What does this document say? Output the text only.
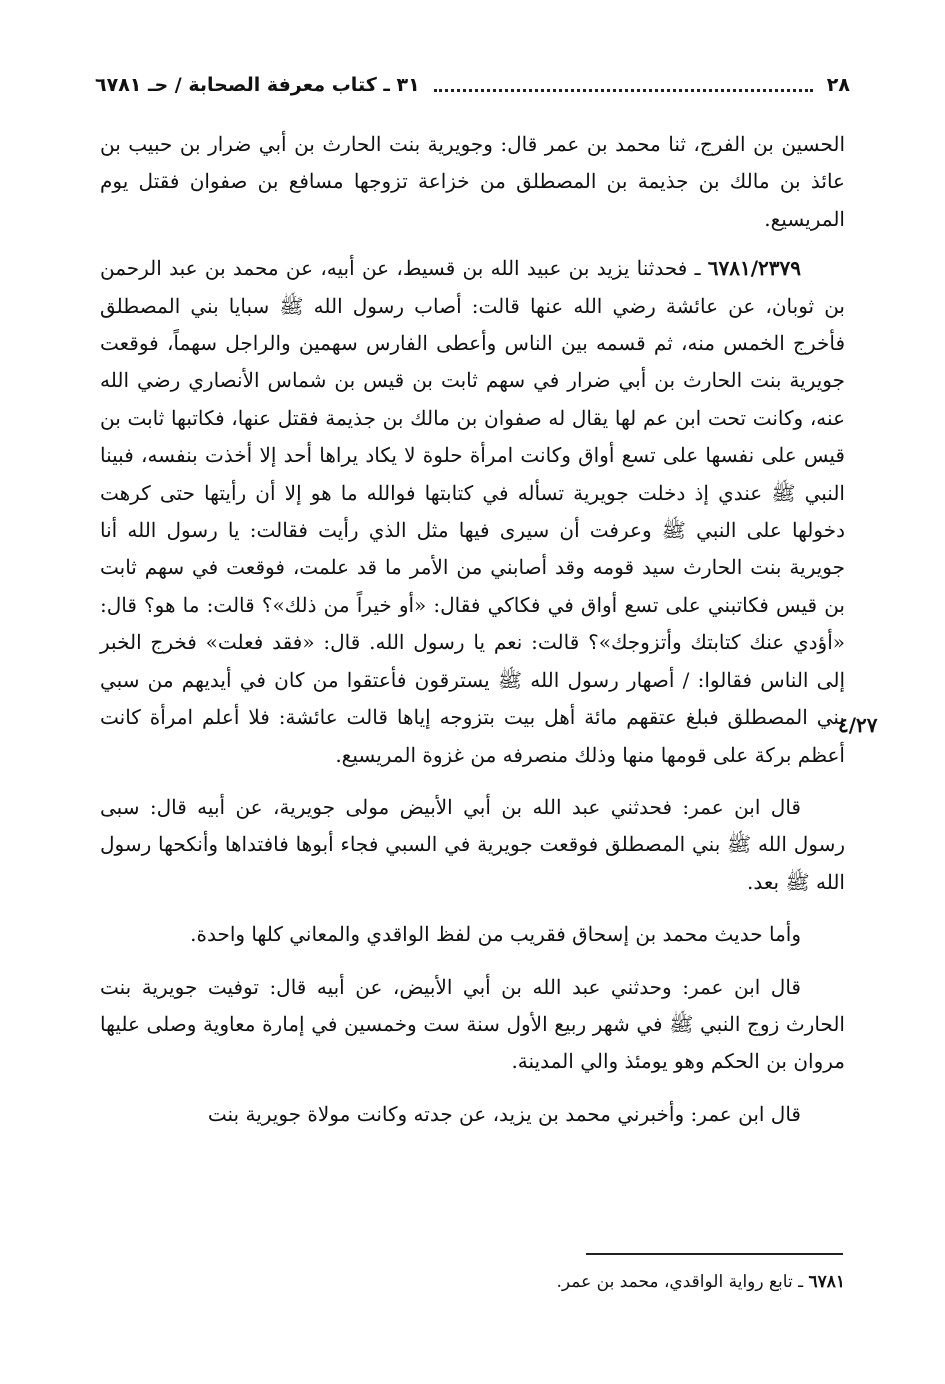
٢٨
٣١ ـ كتاب معرفة الصحابة / حـ ٦٧٨١
٤/٢٧

الحسين بن الفرج، ثنا محمد بن عمر قال: وجويرية بنت الحارث بن أبي ضرار بن حبيب بن عائذ بن مالك بن جذيمة بن المصطلق من خزاعة تزوجها مسافع بن صفوان فقتل يوم المريسيع.

٦٧٨١/٢٣٧٩ ـ فحدثنا يزيد بن عبيد الله بن قسيط، عن أبيه، عن محمد بن عبد الرحمن بن ثوبان، عن عائشة رضي الله عنها قالت: أصاب رسول الله ﷺ سبايا بني المصطلق فأخرج الخمس منه، ثم قسمه بين الناس وأعطى الفارس سهمين والراجل سهماً، فوقعت جويرية بنت الحارث بن أبي ضرار في سهم ثابت بن قيس بن شماس الأنصاري رضي الله عنه، وكانت تحت ابن عم لها يقال له صفوان بن مالك بن جذيمة فقتل عنها، فكاتبها ثابت بن قيس على نفسها على تسع أواق وكانت امرأة حلوة لا يكاد يراها أحد إلا أخذت بنفسه، فبينا النبي ﷺ عندي إذ دخلت جويرية تسأله في كتابتها فوالله ما هو إلا أن رأيتها حتى كرهت دخولها على النبي ﷺ وعرفت أن سيرى فيها مثل الذي رأيت فقالت: يا رسول الله أنا جويرية بنت الحارث سيد قومه وقد أصابني من الأمر ما قد علمت، فوقعت في سهم ثابت بن قيس فكاتبني على تسع أواق في فكاكي فقال: «أو خيراً من ذلك»؟ قالت: ما هو؟ قال: «أؤدي عنك كتابتك وأتزوجك»؟ قالت: نعم يا رسول الله. قال: «فقد فعلت» فخرج الخبر إلى الناس فقالوا: / أصهار رسول الله ﷺ يسترقون فأعتقوا من كان في أيديهم من سبي بني المصطلق فبلغ عتقهم مائة أهل بيت بتزوجه إياها قالت عائشة: فلا أعلم امرأة كانت أعظم بركة على قومها منها وذلك منصرفه من غزوة المريسيع.

قال ابن عمر: فحدثني عبد الله بن أبي الأبيض مولى جويرية، عن أبيه قال: سبى رسول الله ﷺ بني المصطلق فوقعت جويرية في السبي فجاء أبوها فافتداها وأنكحها رسول الله ﷺ بعد.

وأما حديث محمد بن إسحاق فقريب من لفظ الواقدي والمعاني كلها واحدة.

قال ابن عمر: وحدثني عبد الله بن أبي الأبيض، عن أبيه قال: توفيت جويرية بنت الحارث زوج النبي ﷺ في شهر ربيع الأول سنة ست وخمسين في إمارة معاوية وصلى عليها مروان بن الحكم وهو يومئذ والي المدينة.

قال ابن عمر: وأخبرني محمد بن يزيد، عن جدته وكانت مولاة جويرية بنت

٦٧٨١ ـ تابع رواية الواقدي، محمد بن عمر.
